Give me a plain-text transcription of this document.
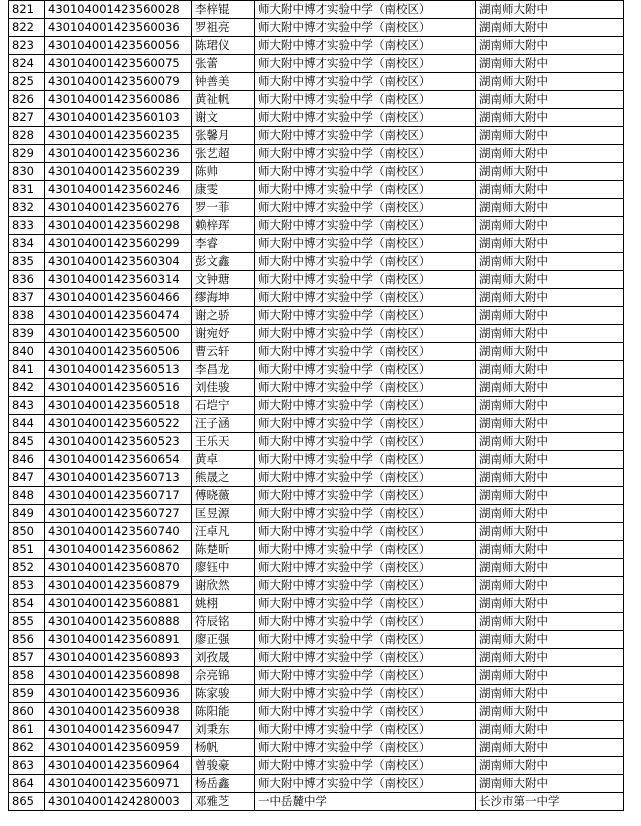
821	430104001423560028	李梓锟	师大附中博才实验中学（南校区）	湖南师大附中
822	430104001423560036	罗祖亮	师大附中博才实验中学（南校区）	湖南师大附中
823	430104001423560056	陈珺仪	师大附中博才实验中学（南校区）	湖南师大附中
824	430104001423560075	张蕾	师大附中博才实验中学（南校区）	湖南师大附中
825	430104001423560079	钟善美	师大附中博才实验中学（南校区）	湖南师大附中
826	430104001423560086	黄祉帆	师大附中博才实验中学（南校区）	湖南师大附中
827	430104001423560103	谢文	师大附中博才实验中学（南校区）	湖南师大附中
828	430104001423560235	张馨月	师大附中博才实验中学（南校区）	湖南师大附中
829	430104001423560236	张艺超	师大附中博才实验中学（南校区）	湖南师大附中
830	430104001423560239	陈帅	师大附中博才实验中学（南校区）	湖南师大附中
831	430104001423560246	康雯	师大附中博才实验中学（南校区）	湖南师大附中
832	430104001423560276	罗一菲	师大附中博才实验中学（南校区）	湖南师大附中
833	430104001423560298	赖梓珲	师大附中博才实验中学（南校区）	湖南师大附中
834	430104001423560299	李睿	师大附中博才实验中学（南校区）	湖南师大附中
835	430104001423560304	彭文鑫	师大附中博才实验中学（南校区）	湖南师大附中
836	430104001423560314	文钟瑭	师大附中博才实验中学（南校区）	湖南师大附中
837	430104001423560466	缪海坤	师大附中博才实验中学（南校区）	湖南师大附中
838	430104001423560474	谢之骄	师大附中博才实验中学（南校区）	湖南师大附中
839	430104001423560500	谢宛妤	师大附中博才实验中学（南校区）	湖南师大附中
840	430104001423560506	曹云轩	师大附中博才实验中学（南校区）	湖南师大附中
841	430104001423560513	李昌龙	师大附中博才实验中学（南校区）	湖南师大附中
842	430104001423560516	刘佳骏	师大附中博才实验中学（南校区）	湖南师大附中
843	430104001423560518	石垲宁	师大附中博才实验中学（南校区）	湖南师大附中
844	430104001423560522	汪子涵	师大附中博才实验中学（南校区）	湖南师大附中
845	430104001423560523	王乐天	师大附中博才实验中学（南校区）	湖南师大附中
846	430104001423560654	黄卓	师大附中博才实验中学（南校区）	湖南师大附中
847	430104001423560713	熊晟之	师大附中博才实验中学（南校区）	湖南师大附中
848	430104001423560717	傅晓薇	师大附中博才实验中学（南校区）	湖南师大附中
849	430104001423560727	匡昱源	师大附中博才实验中学（南校区）	湖南师大附中
850	430104001423560740	汪卓凡	师大附中博才实验中学（南校区）	湖南师大附中
851	430104001423560862	陈楚昕	师大附中博才实验中学（南校区）	湖南师大附中
852	430104001423560870	廖钰中	师大附中博才实验中学（南校区）	湖南师大附中
853	430104001423560879	谢欣然	师大附中博才实验中学（南校区）	湖南师大附中
854	430104001423560881	姚栩	师大附中博才实验中学（南校区）	湖南师大附中
855	430104001423560888	符辰铭	师大附中博才实验中学（南校区）	湖南师大附中
856	430104001423560891	廖正强	师大附中博才实验中学（南校区）	湖南师大附中
857	430104001423560893	刘孜晟	师大附中博才实验中学（南校区）	湖南师大附中
858	430104001423560898	佘亮锦	师大附中博才实验中学（南校区）	湖南师大附中
859	430104001423560936	陈家骏	师大附中博才实验中学（南校区）	湖南师大附中
860	430104001423560938	陈阳能	师大附中博才实验中学（南校区）	湖南师大附中
861	430104001423560947	刘秉东	师大附中博才实验中学（南校区）	湖南师大附中
862	430104001423560959	杨帆	师大附中博才实验中学（南校区）	湖南师大附中
863	430104001423560964	曾骏豪	师大附中博才实验中学（南校区）	湖南师大附中
864	430104001423560971	杨岳鑫	师大附中博才实验中学（南校区）	湖南师大附中
865	430104001424280003	邓雅芝	一中岳麓中学	长沙市第一中学
